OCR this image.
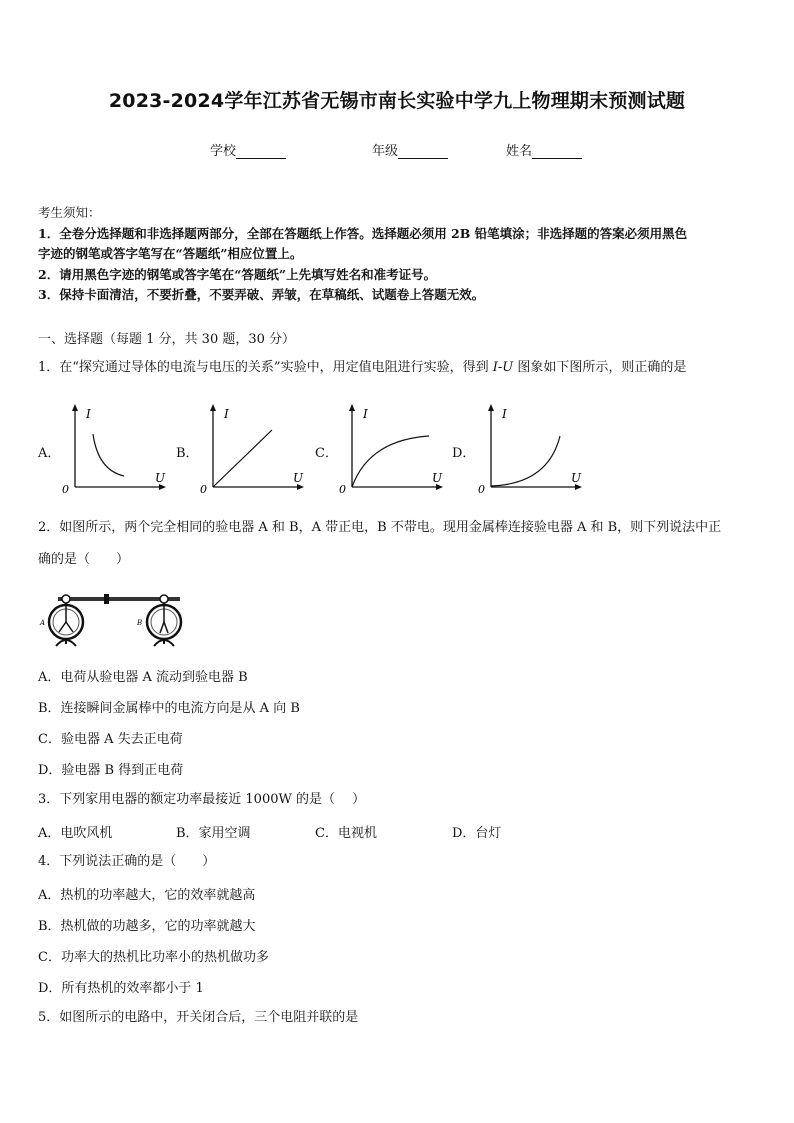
2023-2024学年江苏省无锡市南长实验中学九上物理期末预测试题
学校	年级	姓名
考生须知：
1．全卷分选择题和非选择题两部分，全部在答题纸上作答。选择题必须用 2B 铅笔填涂；非选择题的答案必须用黑色
字迹的钢笔或答字笔写在“答题纸”相应位置上。
2．请用黑色字迹的钢笔或答字笔在“答题纸”上先填写姓名和准考证号。
3．保持卡面清洁，不要折叠，不要弄破、弄皱，在草稿纸、试题卷上答题无效。
一、选择题（每题 1 分，共 30 题，30 分）
1．在“探究通过导体的电流与电压的关系”实验中，用定值电阻进行实验，得到 I-U 图象如下图所示，则正确的是
A．	B．	C．	D．
I
U
0
I
U
0
I
U
0
I
U
0
2．如图所示，两个完全相同的验电器 A 和 B，A 带正电，B 不带电。现用金属棒连接验电器 A 和 B，则下列说法中正
确的是（　　）
A	B
A．电荷从验电器 A 流动到验电器 B
B．连接瞬间金属棒中的电流方向是从 A 向 B
C．验电器 A 失去正电荷
D．验电器 B 得到正电荷
3．下列家用电器的额定功率最接近 1000W 的是（　 ）
A．电吹风机	B．家用空调	C．电视机	D．台灯
4．下列说法正确的是（　　）
A．热机的功率越大，它的效率就越高
B．热机做的功越多，它的功率就越大
C．功率大的热机比功率小的热机做功多
D．所有热机的效率都小于 1
5．如图所示的电路中，开关闭合后，三个电阻并联的是
